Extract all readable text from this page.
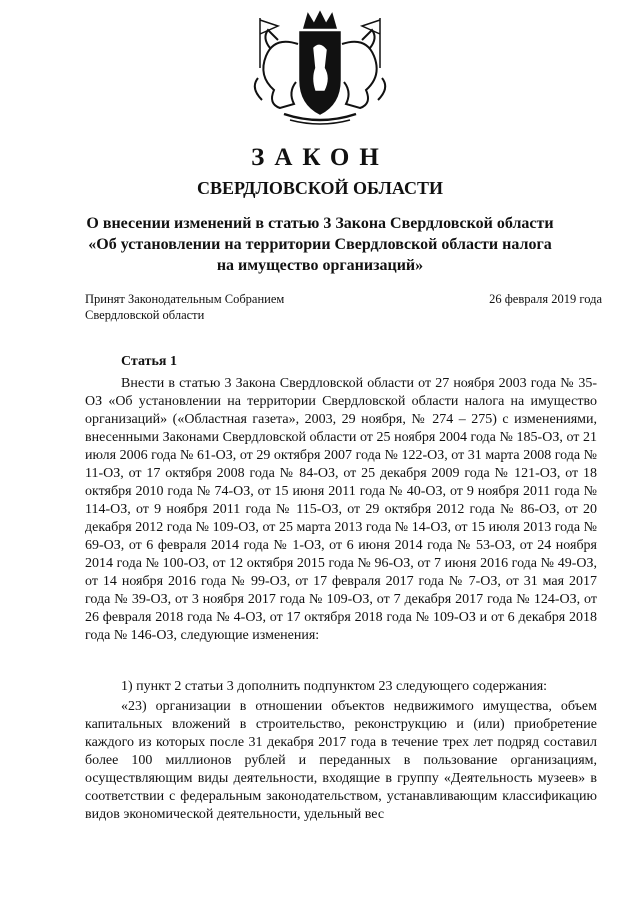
ЗАКОН
СВЕРДЛОВСКОЙ ОБЛАСТИ

О внесении изменений в статью 3 Закона Свердловской области «Об установлении на территории Свердловской области налога на имущество организаций»

Принят Законодательным Собранием
Свердловской области

26 февраля 2019 года

Статья 1

Внести в статью 3 Закона Свердловской области от 27 ноября 2003 года № 35-ОЗ «Об установлении на территории Свердловской области налога на имущество организаций» («Областная газета», 2003, 29 ноября, № 274 – 275) с изменениями, внесенными Законами Свердловской области от 25 ноября 2004 года № 185-ОЗ, от 21 июля 2006 года № 61-ОЗ, от 29 октября 2007 года № 122-ОЗ, от 31 марта 2008 года № 11-ОЗ, от 17 октября 2008 года № 84-ОЗ, от 25 декабря 2009 года № 121-ОЗ, от 18 октября 2010 года № 74-ОЗ, от 15 июня 2011 года № 40-ОЗ, от 9 ноября 2011 года № 114-ОЗ, от 9 ноября 2011 года № 115-ОЗ, от 29 октября 2012 года № 86-ОЗ, от 20 декабря 2012 года № 109-ОЗ, от 25 марта 2013 года № 14-ОЗ, от 15 июля 2013 года № 69-ОЗ, от 6 февраля 2014 года № 1-ОЗ, от 6 июня 2014 года № 53-ОЗ, от 24 ноября 2014 года № 100-ОЗ, от 12 октября 2015 года № 96-ОЗ, от 7 июня 2016 года № 49-ОЗ, от 14 ноября 2016 года № 99-ОЗ, от 17 февраля 2017 года № 7-ОЗ, от 31 мая 2017 года № 39-ОЗ, от 3 ноября 2017 года № 109-ОЗ, от 7 декабря 2017 года № 124-ОЗ, от 26 февраля 2018 года № 4-ОЗ, от 17 октября 2018 года № 109-ОЗ и от 6 декабря 2018 года № 146-ОЗ, следующие изменения:

1) пункт 2 статьи 3 дополнить подпунктом 23 следующего содержания:

«23) организации в отношении объектов недвижимого имущества, объем капитальных вложений в строительство, реконструкцию и (или) приобретение каждого из которых после 31 декабря 2017 года в течение трех лет подряд составил более 100 миллионов рублей и переданных в пользование организациям, осуществляющим виды деятельности, входящие в группу «Деятельность музеев» в соответствии с федеральным законодательством, устанавливающим классификацию видов экономической деятельности, удельный вес
